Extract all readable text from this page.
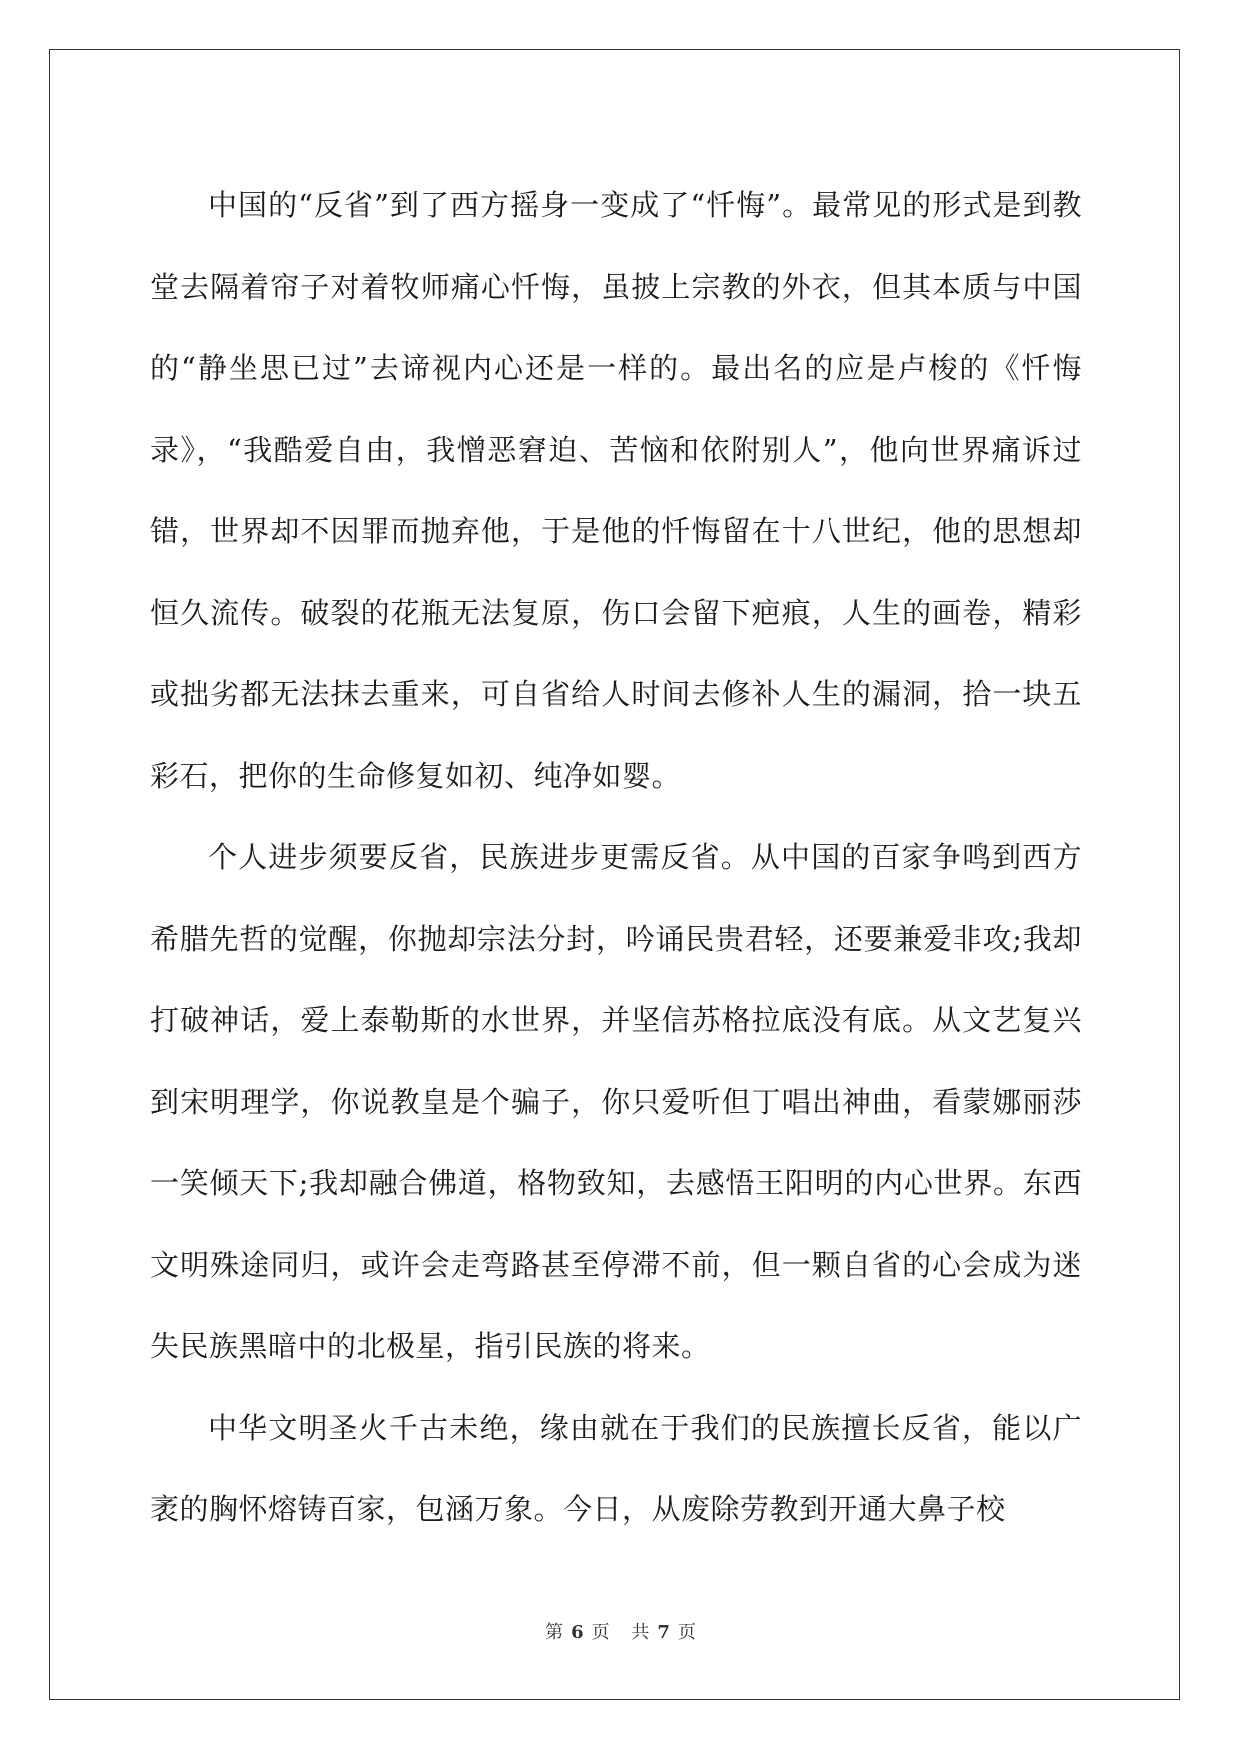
中国的“反省”到了西方摇身一变成了“忏悔”。最常见的形式是到教堂去隔着帘子对着牧师痛心忏悔，虽披上宗教的外衣，但其本质与中国的“静坐思已过”去谛视内心还是一样的。最出名的应是卢梭的《忏悔录》，“我酷爱自由，我憎恶窘迫、苦恼和依附别人”，他向世界痛诉过错，世界却不因罪而抛弃他，于是他的忏悔留在十八世纪，他的思想却恒久流传。破裂的花瓶无法复原，伤口会留下疤痕，人生的画卷，精彩或拙劣都无法抹去重来，可自省给人时间去修补人生的漏洞，拾一块五彩石，把你的生命修复如初、纯净如婴。

个人进步须要反省，民族进步更需反省。从中国的百家争鸣到西方希腊先哲的觉醒，你抛却宗法分封，吟诵民贵君轻，还要兼爱非攻;我却打破神话，爱上泰勒斯的水世界，并坚信苏格拉底没有底。从文艺复兴到宋明理学，你说教皇是个骗子，你只爱听但丁唱出神曲，看蒙娜丽莎一笑倾天下;我却融合佛道，格物致知，去感悟王阳明的内心世界。东西文明殊途同归，或许会走弯路甚至停滞不前，但一颗自省的心会成为迷失民族黑暗中的北极星，指引民族的将来。

中华文明圣火千古未绝，缘由就在于我们的民族擅长反省，能以广袤的胸怀熔铸百家，包涵万象。今日，从废除劳教到开通大鼻子校

第 6 页 共 7 页
